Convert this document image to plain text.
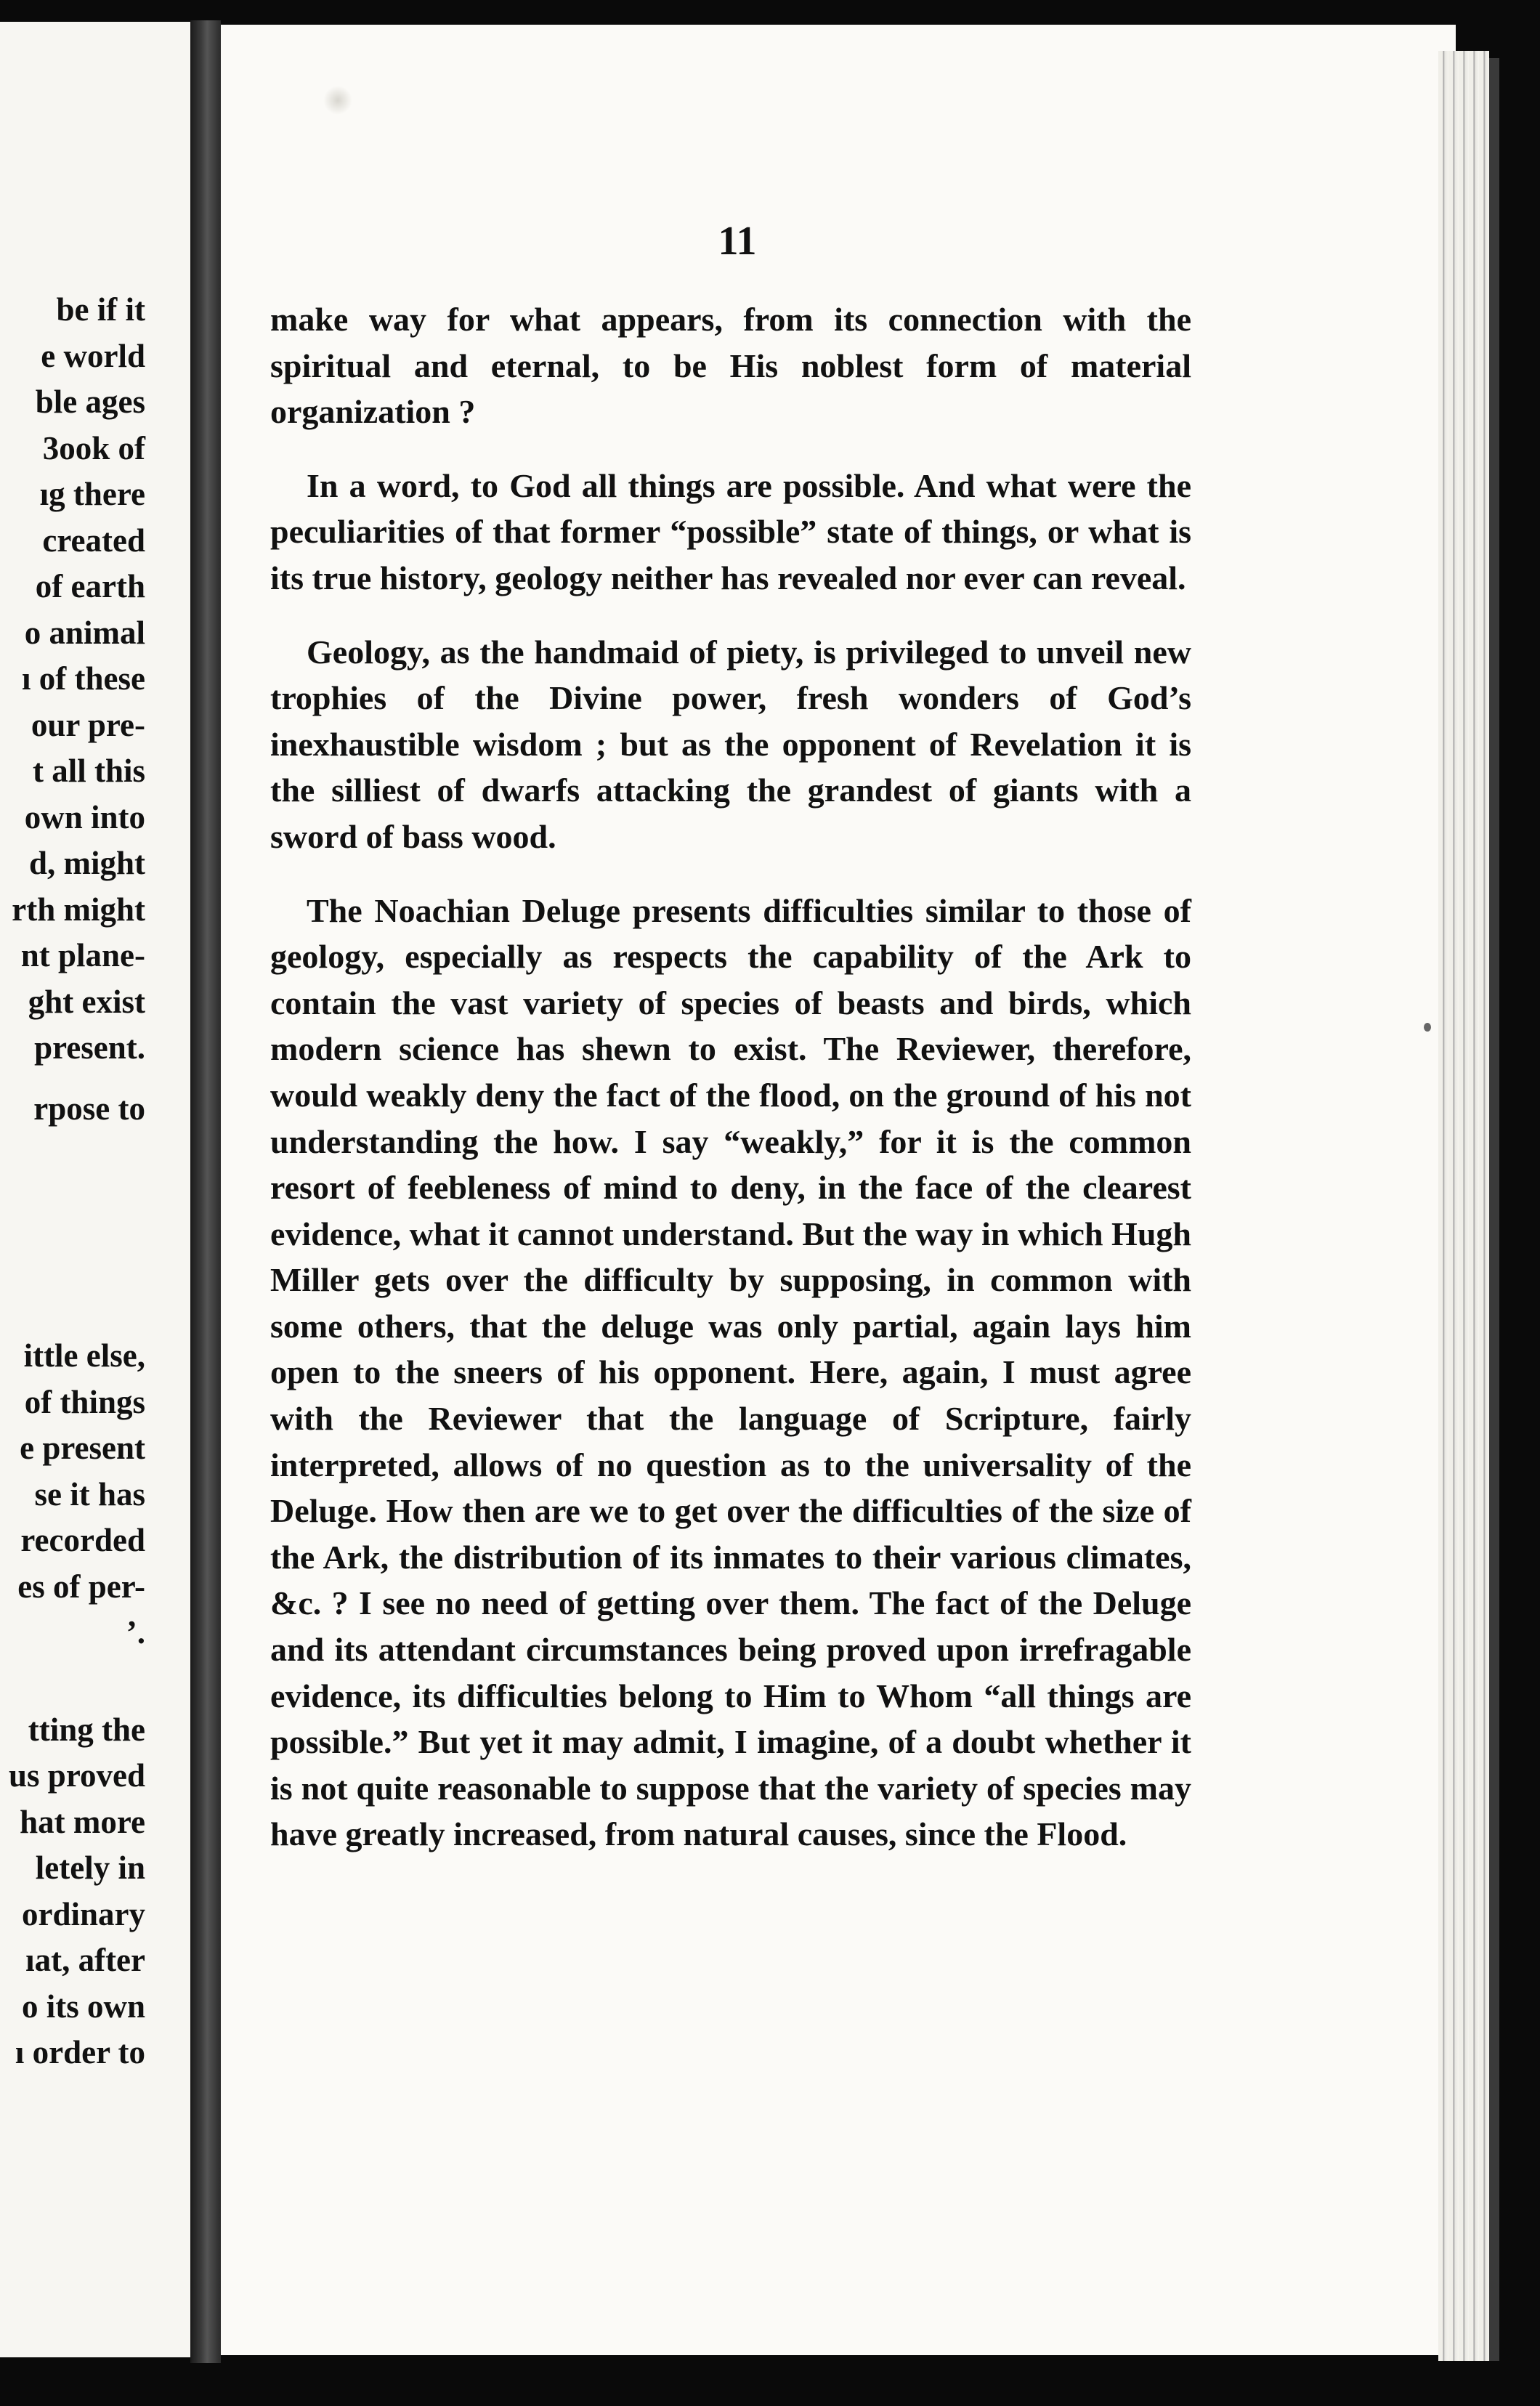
be if it
e world
ble ages
3ook of
ıg there
created
of earth
o animal
ı of these
our pre-
t all this
own into
d, might
rth might
nt plane-
ght exist
present.
rpose to
ittle else,
of things
e present
se it has
recorded
es of per-
’.
tting the
us proved
hat more
letely in
ordinary
ıat, after
o its own
ı order to
11

make way for what appears, from its connection with the spiritual and eternal, to be His noblest form of material organization ?

In a word, to God all things are possible. And what were the peculiarities of that former “possible” state of things, or what is its true history, geology neither has revealed nor ever can reveal.

Geology, as the handmaid of piety, is privileged to unveil new trophies of the Divine power, fresh wonders of God’s inexhaustible wisdom ; but as the opponent of Revelation it is the silliest of dwarfs attacking the grandest of giants with a sword of bass wood.

The Noachian Deluge presents difficulties similar to those of geology, especially as respects the capability of the Ark to contain the vast variety of species of beasts and birds, which modern science has shewn to exist. The Reviewer, therefore, would weakly deny the fact of the flood, on the ground of his not understanding the how. I say “weakly,” for it is the common resort of feebleness of mind to deny, in the face of the clearest evidence, what it cannot understand. But the way in which Hugh Miller gets over the difficulty by supposing, in common with some others, that the deluge was only partial, again lays him open to the sneers of his opponent. Here, again, I must agree with the Reviewer that the language of Scripture, fairly interpreted, allows of no question as to the universality of the Deluge. How then are we to get over the difficulties of the size of the Ark, the distribution of its inmates to their various climates, &c. ? I see no need of getting over them. The fact of the Deluge and its attendant circumstances being proved upon irrefragable evidence, its difficulties belong to Him to Whom “all things are possible.” But yet it may admit, I imagine, of a doubt whether it is not quite reasonable to suppose that the variety of species may have greatly increased, from natural causes, since the Flood.
